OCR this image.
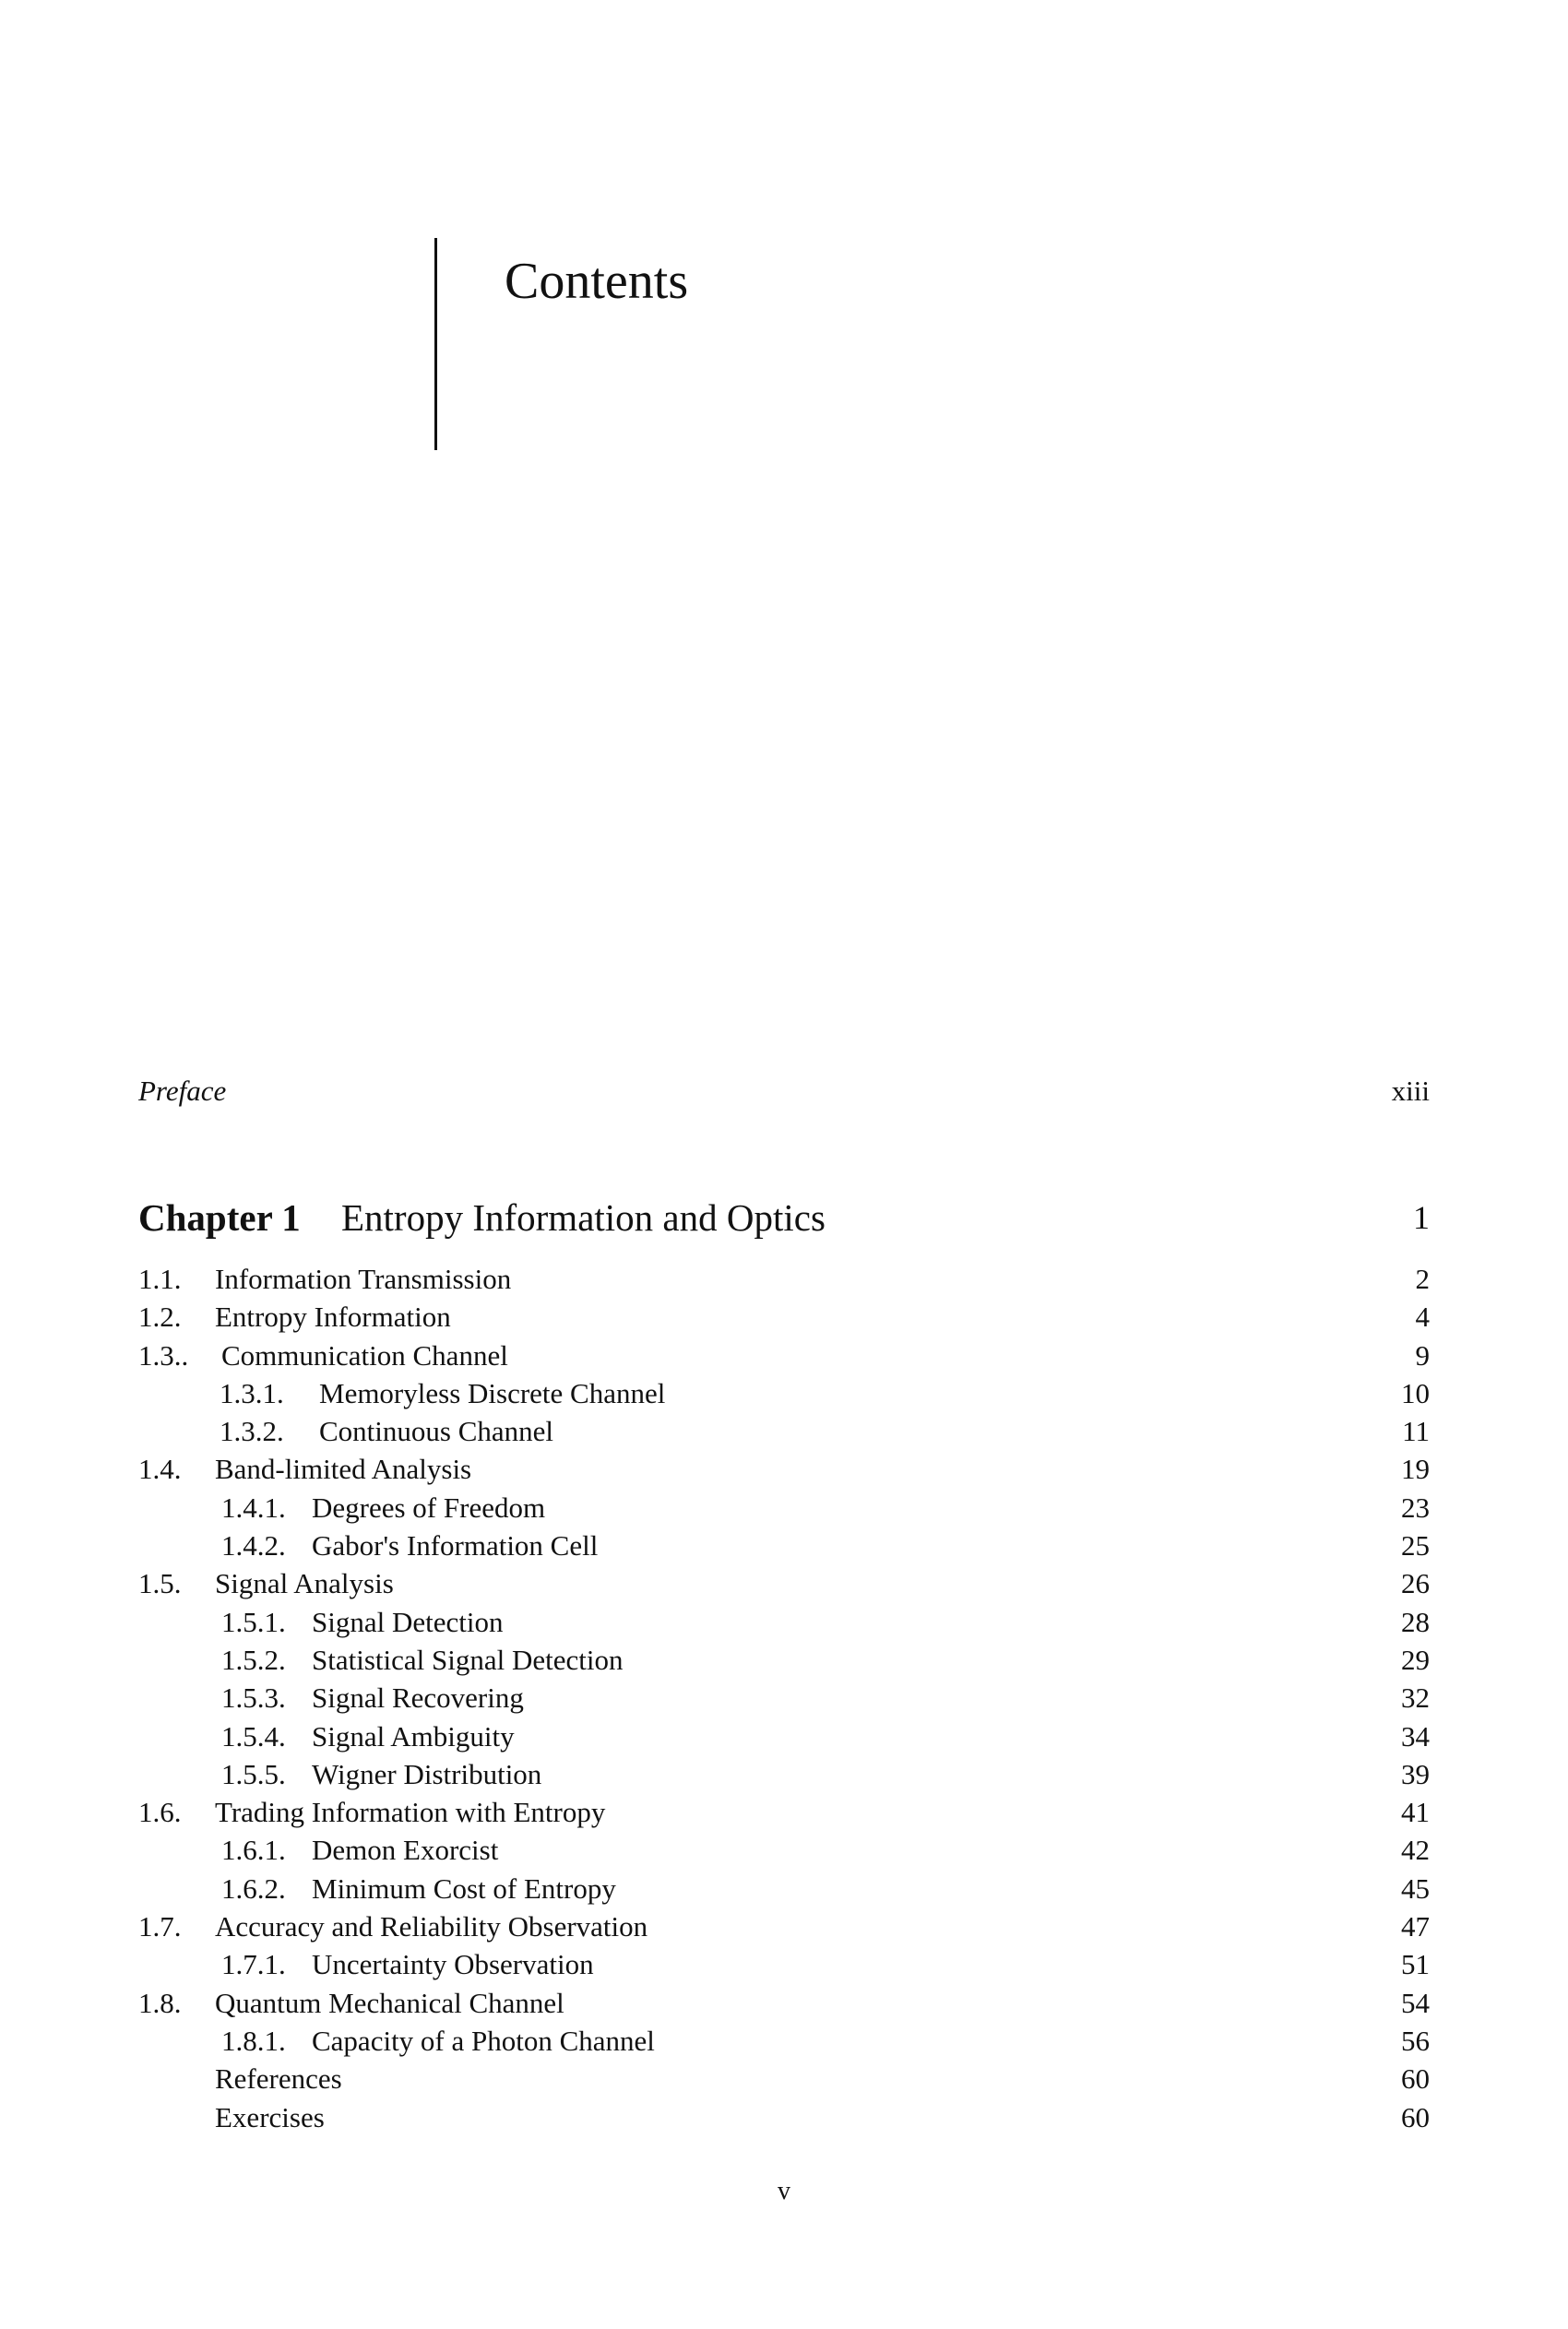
Contents
Preface	xiii
Chapter 1 Entropy Information and Optics	1
1.1. Information Transmission	2
1.2. Entropy Information	4
1.3.. Communication Channel	9
1.3.1. Memoryless Discrete Channel	10
1.3.2. Continuous Channel	11
1.4. Band-limited Analysis	19
1.4.1. Degrees of Freedom	23
1.4.2. Gabor's Information Cell	25
1.5. Signal Analysis	26
1.5.1. Signal Detection	28
1.5.2. Statistical Signal Detection	29
1.5.3. Signal Recovering	32
1.5.4. Signal Ambiguity	34
1.5.5. Wigner Distribution	39
1.6. Trading Information with Entropy	41
1.6.1. Demon Exorcist	42
1.6.2. Minimum Cost of Entropy	45
1.7. Accuracy and Reliability Observation	47
1.7.1. Uncertainty Observation	51
1.8. Quantum Mechanical Channel	54
1.8.1. Capacity of a Photon Channel	56
References	60
Exercises	60
v
